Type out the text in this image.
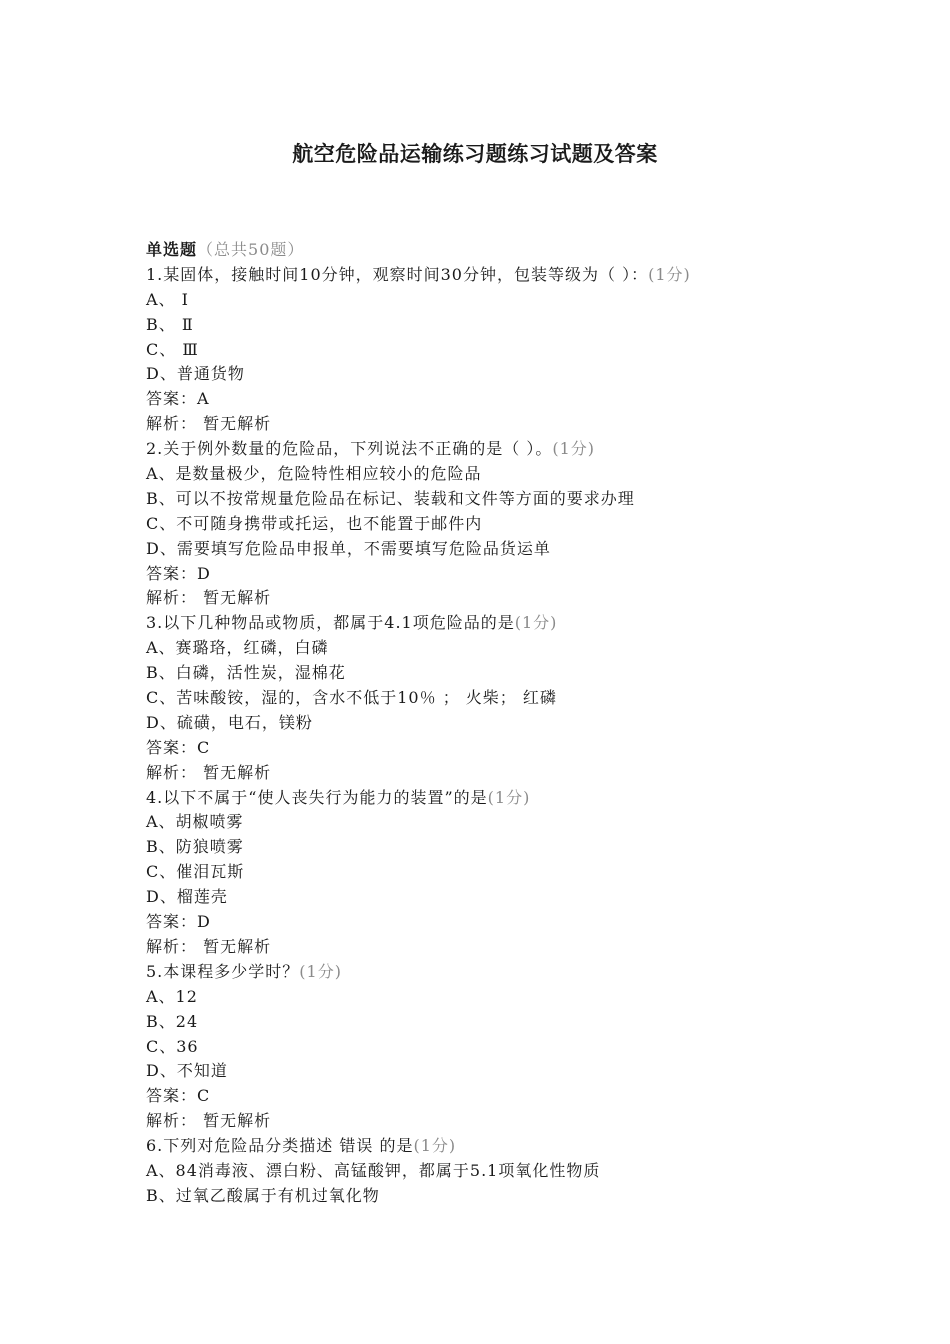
航空危险品运输练习题练习试题及答案
单选题（总共50题）
1.某固体，接触时间10分钟，观察时间30分钟，包装等级为（ ）：(1分)
A、 Ⅰ
B、 Ⅱ
C、 Ⅲ
D、普通货物
答案：A
解析： 暂无解析
2.关于例外数量的危险品，下列说法不正确的是（ ）。(1分)
A、是数量极少，危险特性相应较小的危险品
B、可以不按常规量危险品在标记、装载和文件等方面的要求办理
C、不可随身携带或托运，也不能置于邮件内
D、需要填写危险品申报单，不需要填写危险品货运单
答案：D
解析： 暂无解析
3.以下几种物品或物质，都属于4.1项危险品的是(1分)
A、赛璐珞，红磷，白磷
B、白磷，活性炭，湿棉花
C、苦味酸铵，湿的，含水不低于10％ ； 火柴； 红磷
D、硫磺，电石，镁粉
答案：C
解析： 暂无解析
4.以下不属于“使人丧失行为能力的装置”的是(1分)
A、胡椒喷雾
B、防狼喷雾
C、催泪瓦斯
D、榴莲壳
答案：D
解析： 暂无解析
5.本课程多少学时？(1分)
A、12
B、24
C、36
D、不知道
答案：C
解析： 暂无解析
6.下列对危险品分类描述 错误 的是(1分)
A、84消毒液、漂白粉、高锰酸钾，都属于5.1项氧化性物质
B、过氧乙酸属于有机过氧化物
